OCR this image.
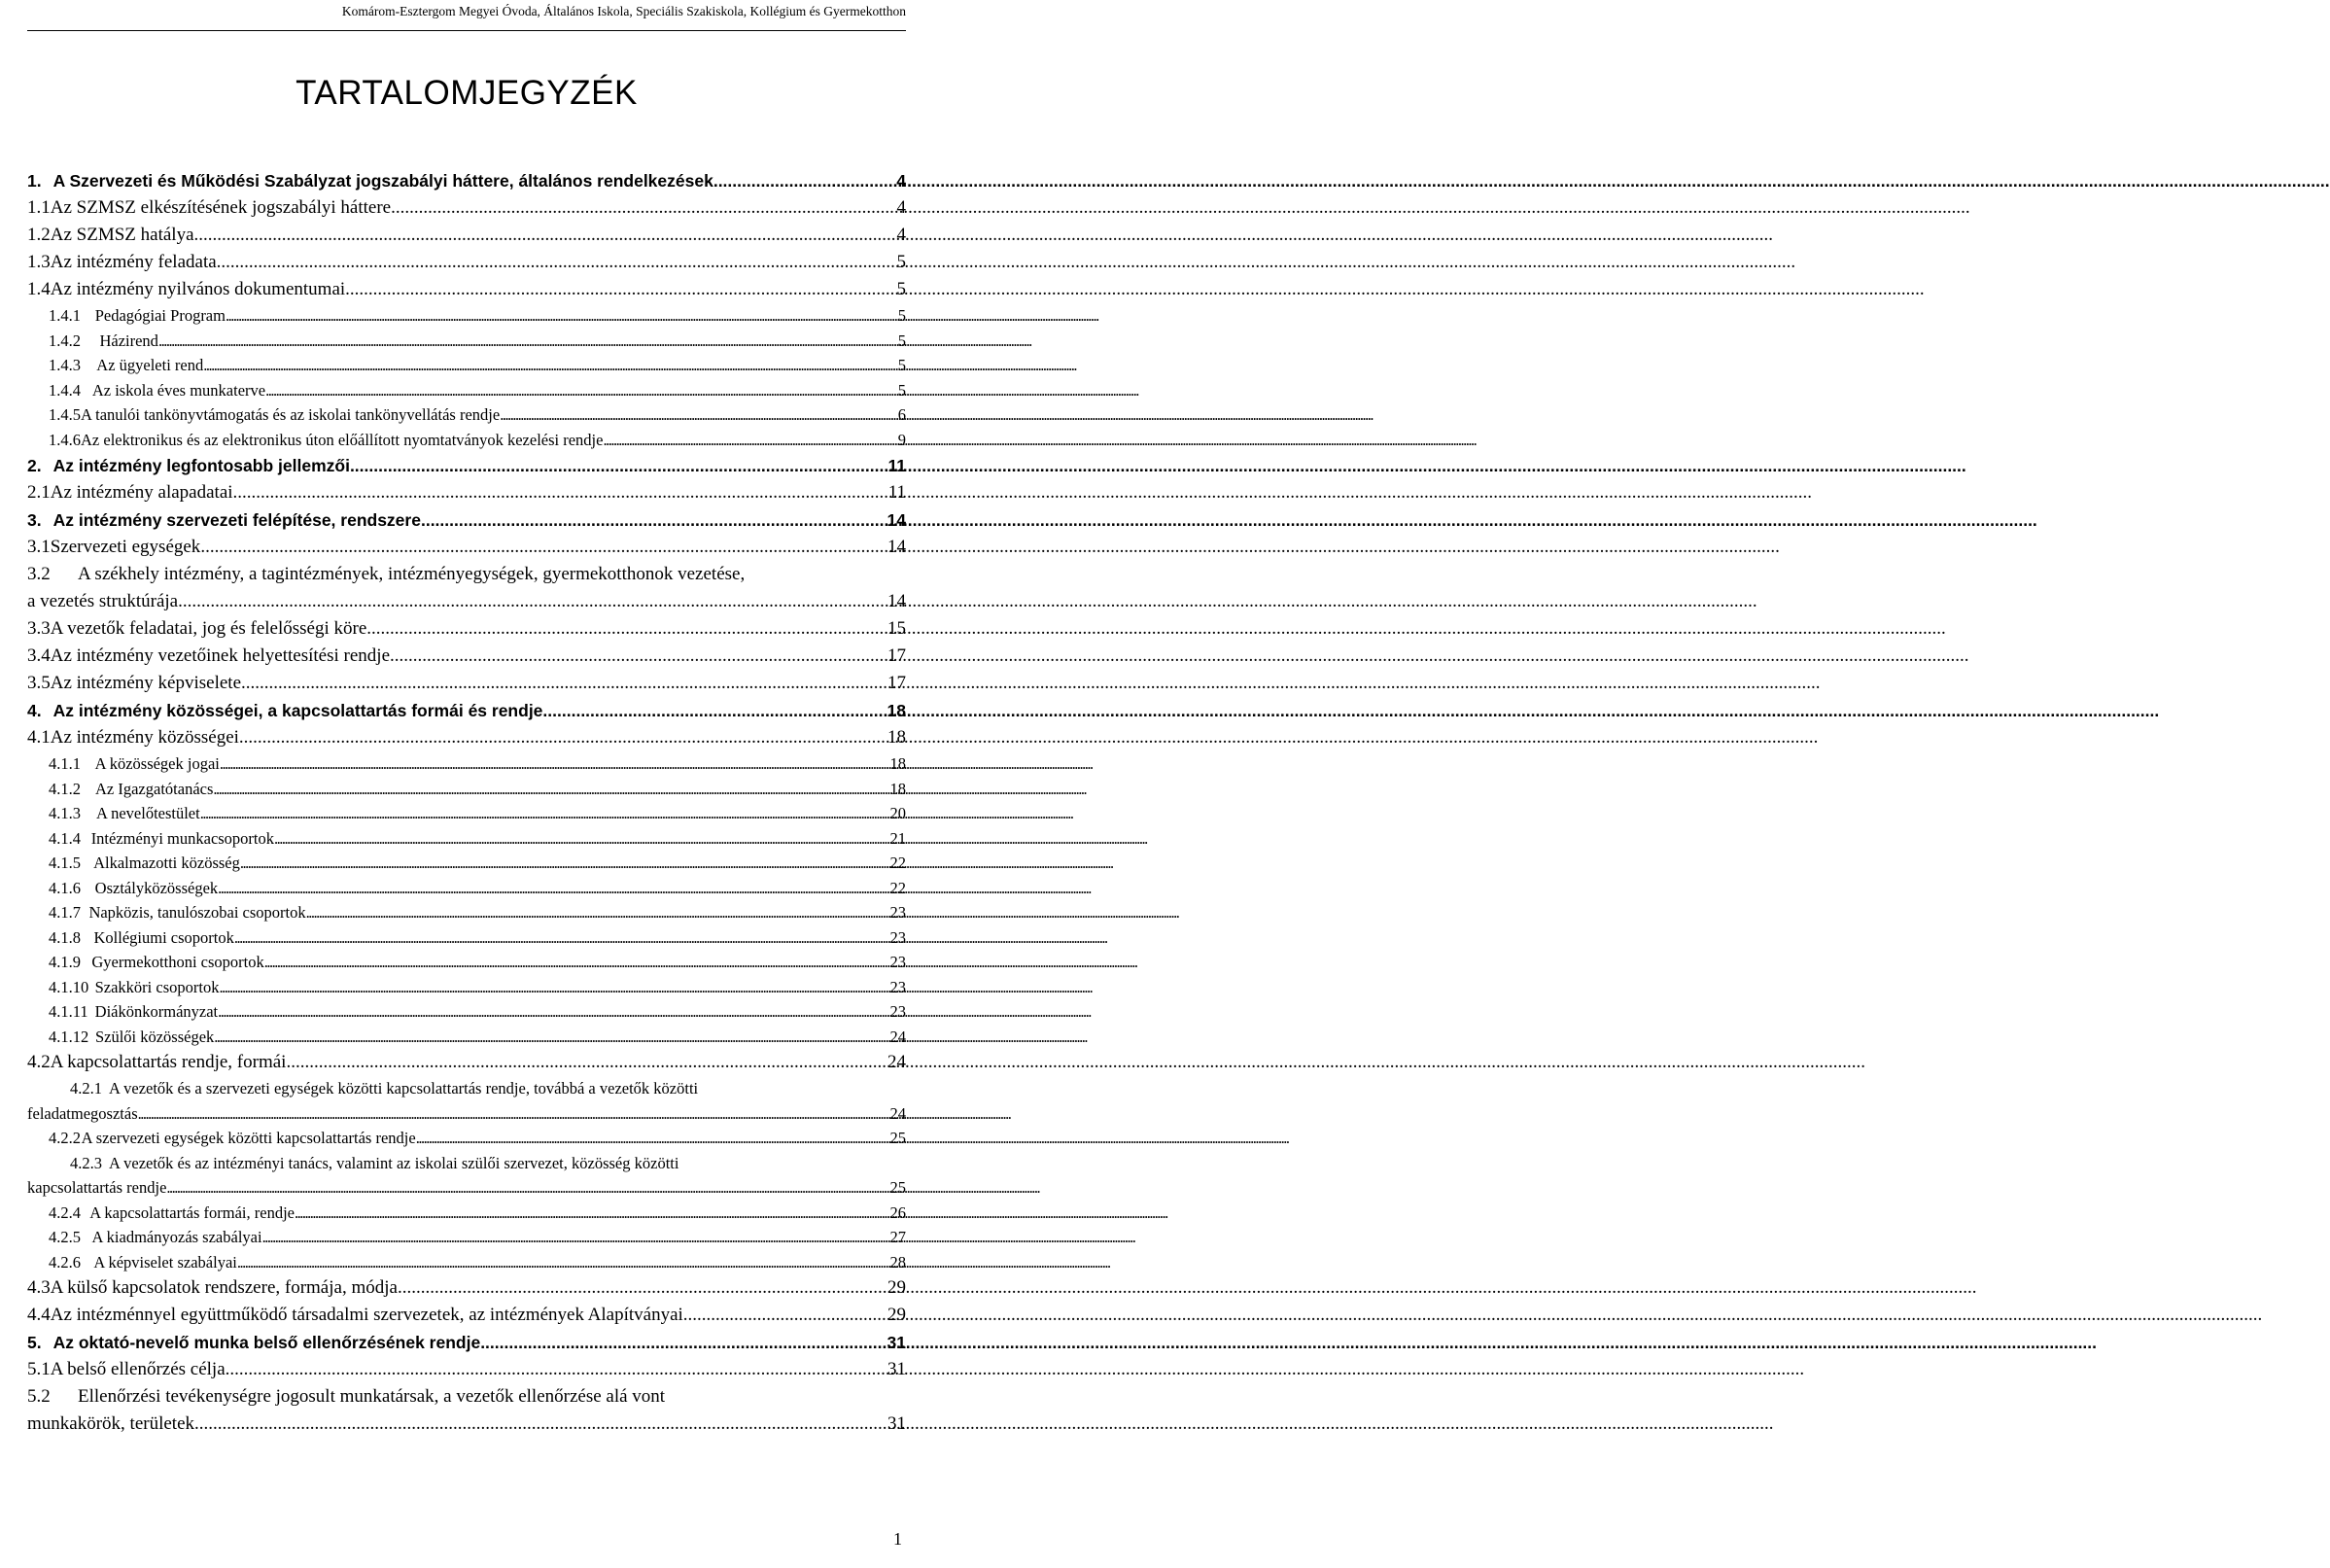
Komárom-Esztergom Megyei Óvoda, Általános Iskola, Speciális Szakiskola, Kollégium és Gyermekotthon
TARTALOMJEGYZÉK
1. A Szervezeti és Működési Szabályzat jogszabályi háttere, általános rendelkezések .....	4
1.1 Az SZMSZ elkészítésének jogszabályi háttere .....	4
1.2 Az SZMSZ hatálya .....	4
1.3 Az intézmény feladata .....	5
1.4 Az intézmény nyilvános dokumentumai .....	5
1.4.1 Pedagógiai Program .....	5
1.4.2	Házirend .....	5
1.4.3 Az ügyeleti rend .....	5
1.4.4 Az iskola éves munkaterve .....	5
1.4.5 A tanulói tankönyvtámogatás és az iskolai tankönyvellátás rendje .....	6
1.4.6 Az elektronikus és az elektronikus úton előállított nyomtatványok kezelési rendje .....	9
2. Az intézmény legfontosabb jellemzői .....	11
2.1 Az intézmény alapadatai .....	11
3. Az intézmény szervezeti felépítése, rendszere .....	14
3.1 Szervezeti egységek .....	14
3.2 A székhely intézmény, a tagintézmények, intézményegységek, gyermekotthonok vezetése,
a vezetés struktúrája .....	14
3.3 A vezetők feladatai, jog és felelősségi köre .....	15
3.4 Az intézmény vezetőinek helyettesítési rendje .....	17
3.5 Az intézmény képviselete .....	17
4. Az intézmény közösségei, a kapcsolattartás formái és rendje .....	18
4.1 Az intézmény közösségei .....	18
4.1.1 A közösségek jogai .....	18
4.1.2 Az Igazgatótanács .....	18
4.1.3 A nevelőtestület .....	20
4.1.4 Intézményi munkacsoportok .....	21
4.1.5 Alkalmazotti közösség .....	22
4.1.6 Osztályközösségek .....	22
4.1.7 Napközis, tanulószobai csoportok .....	23
4.1.8 Kollégiumi csoportok .....	23
4.1.9 Gyermekotthoni csoportok .....	23
4.1.10 Szakköri csoportok .....	23
4.1.11 Diákönkormányzat .....	23
4.1.12 Szülői közösségek .....	24
4.2 A kapcsolattartás rendje, formái .....	24
4.2.1 A vezetők és a szervezeti egységek közötti kapcsolattartás rendje, továbbá a vezetők közötti
feladatmegosztás .....	24
4.2.2 A szervezeti egységek közötti kapcsolattartás rendje .....	25
4.2.3 A vezetők és az intézményi tanács, valamint az iskolai szülői szervezet, közösség közötti
kapcsolattartás rendje .....	25
4.2.4 A kapcsolattartás formái, rendje .....	26
4.2.5 A kiadmányozás szabályai .....	27
4.2.6 A képviselet szabályai .....	28
4.3 A külső kapcsolatok rendszere, formája, módja .....	29
4.4 Az intézménnyel együttműködő társadalmi szervezetek, az intézmények Alapítványai .....	29
5. Az oktató-nevelő munka belső ellenőrzésének rendje .....	31
5.1 A belső ellenőrzés célja .....	31
5.2 Ellenőrzési tevékenységre jogosult munkatársak, a vezetők ellenőrzése alá vont
munkakörök, területek .....	31
1
